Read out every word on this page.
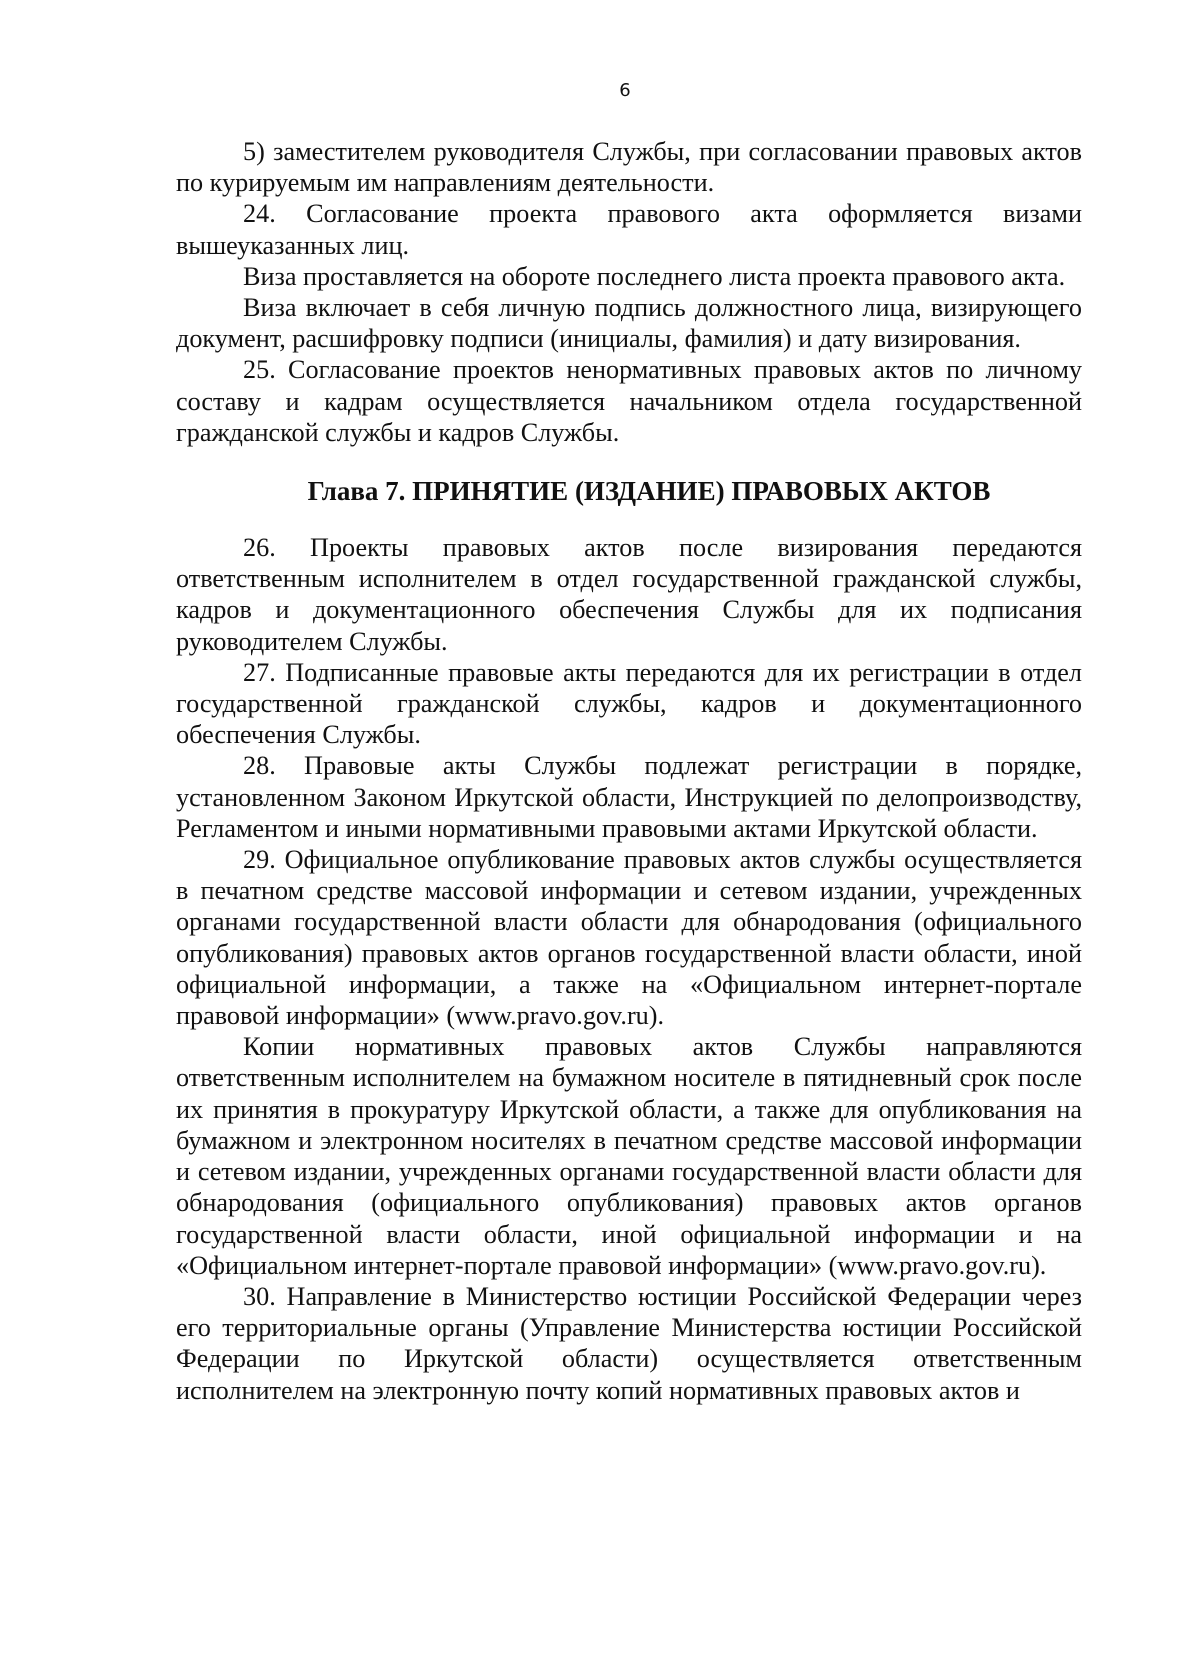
6

5) заместителем руководителя Службы, при согласовании правовых актов по курируемым им направлениям деятельности.

24. Согласование проекта правового акта оформляется визами вышеуказанных лиц.

Виза проставляется на обороте последнего листа проекта правового акта.

Виза включает в себя личную подпись должностного лица, визирующего документ, расшифровку подписи (инициалы, фамилия) и дату визирования.

25. Согласование проектов ненормативных правовых актов по личному составу и кадрам осуществляется начальником отдела государственной гражданской службы и кадров Службы.

Глава 7. ПРИНЯТИЕ (ИЗДАНИЕ) ПРАВОВЫХ АКТОВ

26. Проекты правовых актов после визирования передаются ответственным исполнителем в отдел государственной гражданской службы, кадров и документационного обеспечения Службы для их подписания руководителем Службы.

27. Подписанные правовые акты передаются для их регистрации в отдел государственной гражданской службы, кадров и документационного обеспечения Службы.

28. Правовые акты Службы подлежат регистрации в порядке, установленном Законом Иркутской области, Инструкцией по делопроизводству, Регламентом и иными нормативными правовыми актами Иркутской области.

29. Официальное опубликование правовых актов службы осуществляется в печатном средстве массовой информации и сетевом издании, учрежденных органами государственной власти области для обнародования (официального опубликования) правовых актов органов государственной власти области, иной официальной информации, а также на «Официальном интернет-портале правовой информации» (www.pravo.gov.ru).

Копии нормативных правовых актов Службы направляются ответственным исполнителем на бумажном носителе в пятидневный срок после их принятия в прокуратуру Иркутской области, а также для опубликования на бумажном и электронном носителях в печатном средстве массовой информации и сетевом издании, учрежденных органами государственной власти области для обнародования (официального опубликования) правовых актов органов государственной власти области, иной официальной информации и на «Официальном интернет-портале правовой информации» (www.pravo.gov.ru).

30. Направление в Министерство юстиции Российской Федерации через его территориальные органы (Управление Министерства юстиции Российской Федерации по Иркутской области) осуществляется ответственным исполнителем на электронную почту копий нормативных правовых актов и
